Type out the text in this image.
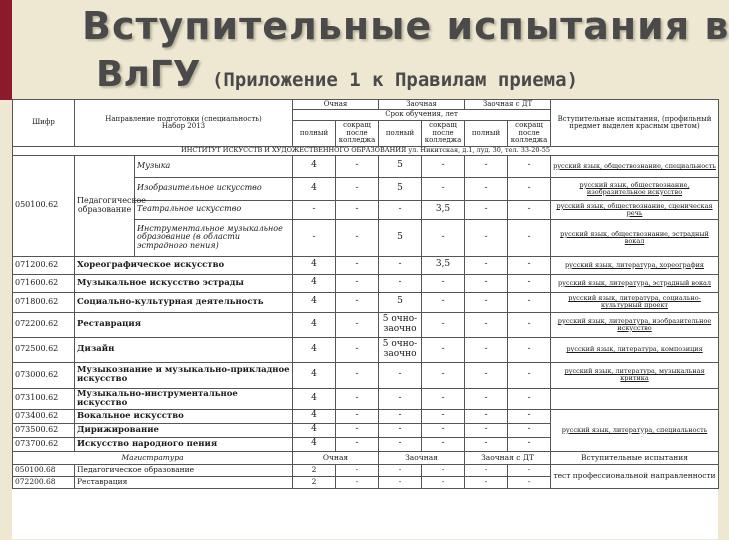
Вступительные испытания в
ВлГУ (Приложение 1 к Правилам приема)
Шифр	Направление подготовки (специальность)
Набор 2013		Очная		Заочная		Заочная с ДТ		Вступительные испытания, (профильный предмет выделен красным цветом)
			Срок обучения, лет						
			полный	сокращ после колледжа	полный	сокращ после колледжа	полный	сокращ после колледжа	
ИНСТИТУТ ИСКУССТВ И ХУДОЖЕСТВЕННОГО ОБРАЗОВАНИЯ ул. Никитская, д.1, луд. 30, тел. 33-20-55									
050100.62	Педагогическое образование	Музыка	4	-	5	-	-	-	русский язык, обществознание, специальность
		Изобразительное искусство	4	-	5	-	-	-	русский язык, обществознание, изобразительное искусство
		Театральное искусство	-	-	-	3,5	-	-	русский язык, обществознание, сценическая речь
		Инструментальное музыкальное образование (в области эстрадного пения)	-	-	5	-	-	-	русский язык, обществознание, эстрадный вокал
071200.62	Хореографическое искусство		4	-	-	3,5	-	-	русский язык, литература, хореография
071600.62	Музыкальное искусство эстрады		4	-	-	-	-	-	русский язык, литература, эстрадный вокал
071800.62	Социально-культурная деятельность		4	-	5	-	-	-	русский язык, литература, социально-культурный проект
072200.62	Реставрация		4	-	5 очно-заочно	-	-	-	русский язык, литература, изобразительное искусство
072500.62	Дизайн		4	-	5 очно-заочно	-	-	-	русский язык, литература, композиция
073000.62	Музыкознание и музыкально-прикладное искусство		4	-	-	-	-	-	русский язык, литература, музыкальная критика
073100.62	Музыкально-инструментальное искусство		4	-	-	-	-	-	
073400.62	Вокальное искусство		4	-	-	-	-	-	русский язык, литература, специальность
073500.62	Дирижирование		4	-	-	-	-	-	
073700.62	Искусство народного пения		4	-	-	-	-	-	
Магистратура			Очная		Заочная		Заочная с ДТ		Вступительные испытания
050100.68	Педагогическое образование		2	-	-	-	-	-	тест профессиональной направленности
072200.68	Реставрация		2	-	-	-	-	-	
